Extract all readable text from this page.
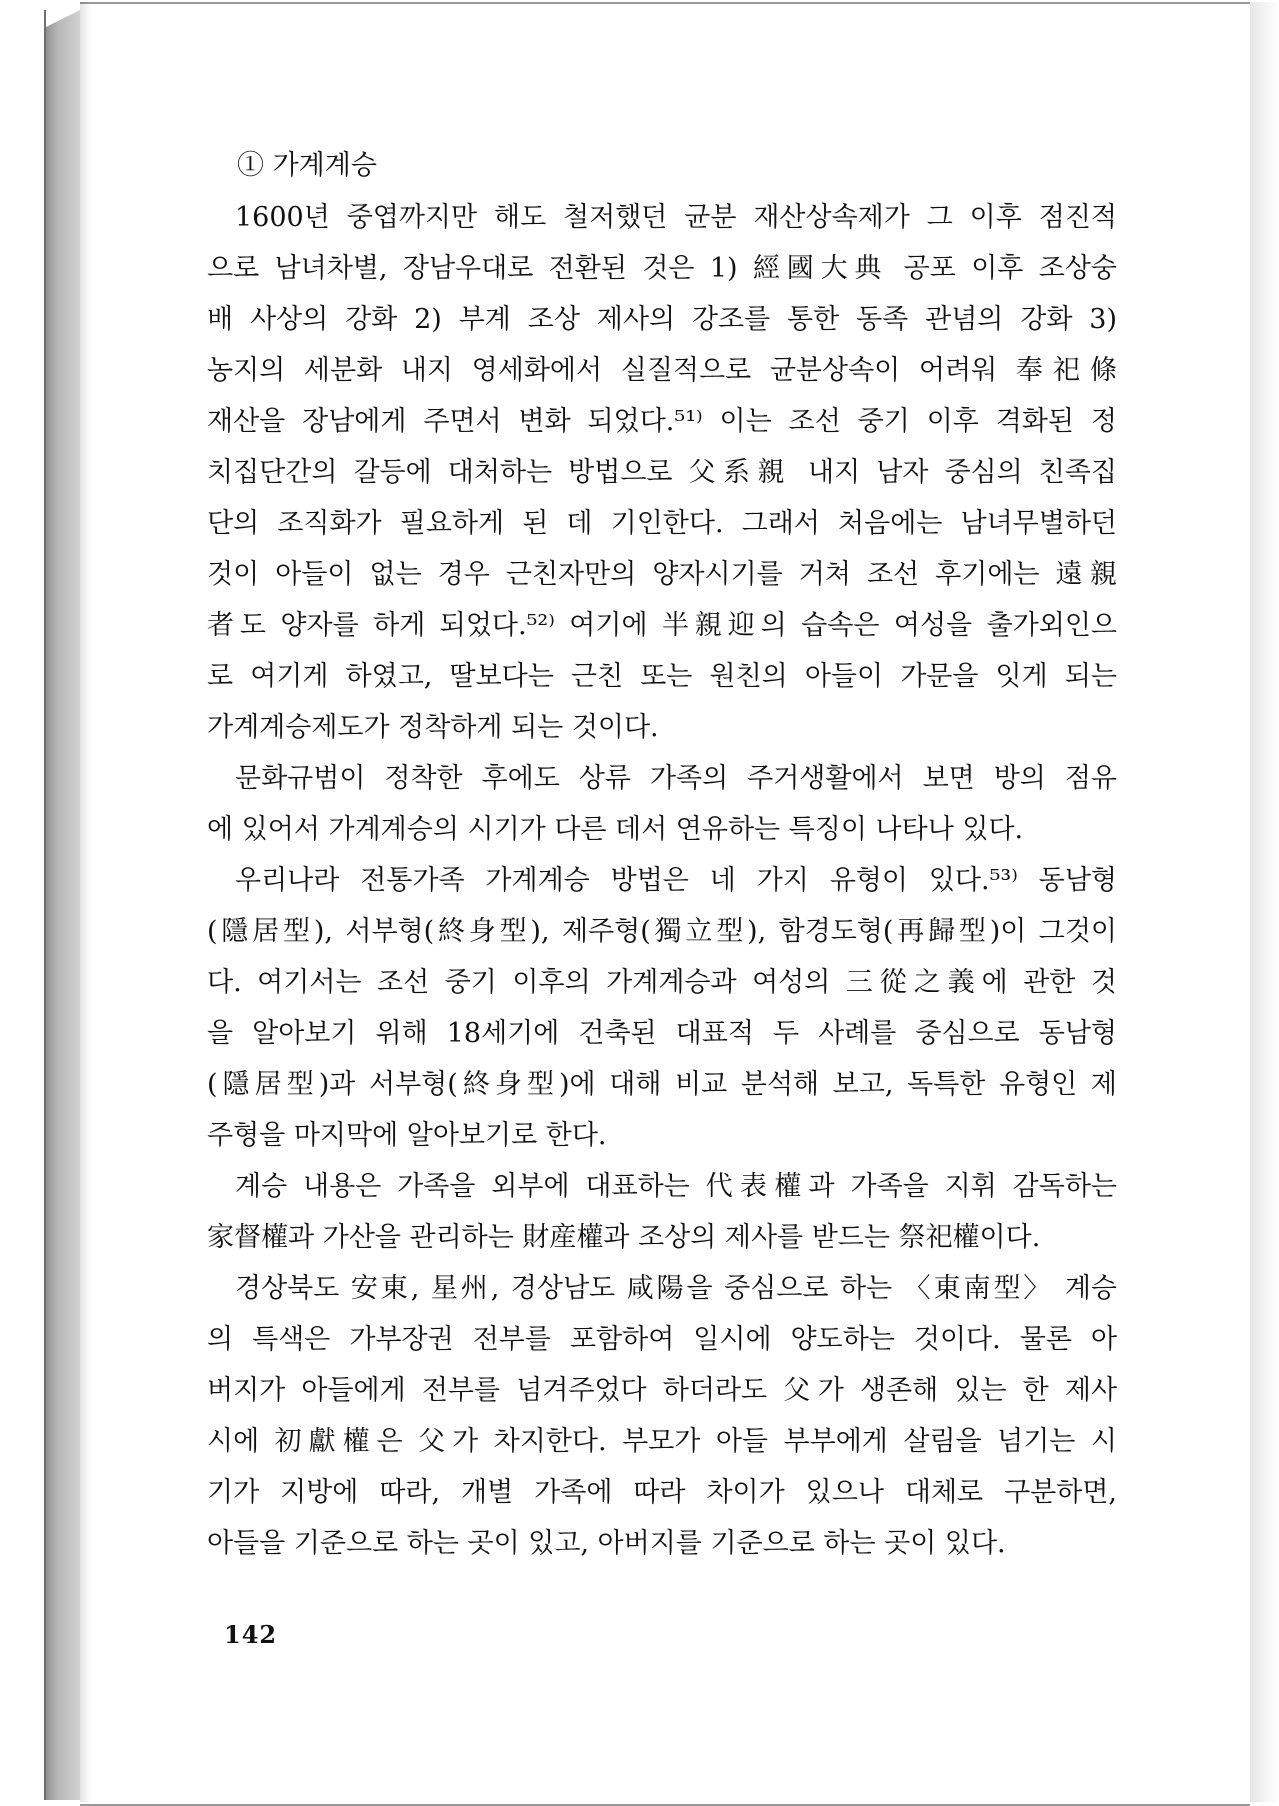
① 가계계승
1600년 중엽까지만 해도 철저했던 균분 재산상속제가 그 이후 점진적
으로 남녀차별, 장남우대로 전환된 것은 1) 經國大典 공포 이후 조상숭
배 사상의 강화 2) 부계 조상 제사의 강조를 통한 동족 관념의 강화 3)
농지의 세분화 내지 영세화에서 실질적으로 균분상속이 어려워 奉祀條
재산을 장남에게 주면서 변화 되었다.⁵¹⁾ 이는 조선 중기 이후 격화된 정
치집단간의 갈등에 대처하는 방법으로 父系親 내지 남자 중심의 친족집
단의 조직화가 필요하게 된 데 기인한다. 그래서 처음에는 남녀무별하던
것이 아들이 없는 경우 근친자만의 양자시기를 거쳐 조선 후기에는 遠親
者도 양자를 하게 되었다.⁵²⁾ 여기에 半親迎의 습속은 여성을 출가외인으
로 여기게 하였고, 딸보다는 근친 또는 원친의 아들이 가문을 잇게 되는
가계계승제도가 정착하게 되는 것이다.
문화규범이 정착한 후에도 상류 가족의 주거생활에서 보면 방의 점유
에 있어서 가계계승의 시기가 다른 데서 연유하는 특징이 나타나 있다.
우리나라 전통가족 가계계승 방법은 네 가지 유형이 있다.⁵³⁾ 동남형
(隱居型), 서부형(終身型), 제주형(獨立型), 함경도형(再歸型)이 그것이
다. 여기서는 조선 중기 이후의 가계계승과 여성의 三從之義에 관한 것
을 알아보기 위해 18세기에 건축된 대표적 두 사례를 중심으로 동남형
(隱居型)과 서부형(終身型)에 대해 비교 분석해 보고, 독특한 유형인 제
주형을 마지막에 알아보기로 한다.
계승 내용은 가족을 외부에 대표하는 代表權과 가족을 지휘 감독하는
家督權과 가산을 관리하는 財産權과 조상의 제사를 받드는 祭祀權이다.
경상북도 安東, 星州, 경상남도 咸陽을 중심으로 하는 〈東南型〉 계승
의 특색은 가부장권 전부를 포함하여 일시에 양도하는 것이다. 물론 아
버지가 아들에게 전부를 넘겨주었다 하더라도 父가 생존해 있는 한 제사
시에 初獻權은 父가 차지한다. 부모가 아들 부부에게 살림을 넘기는 시
기가 지방에 따라, 개별 가족에 따라 차이가 있으나 대체로 구분하면,
아들을 기준으로 하는 곳이 있고, 아버지를 기준으로 하는 곳이 있다.
142
